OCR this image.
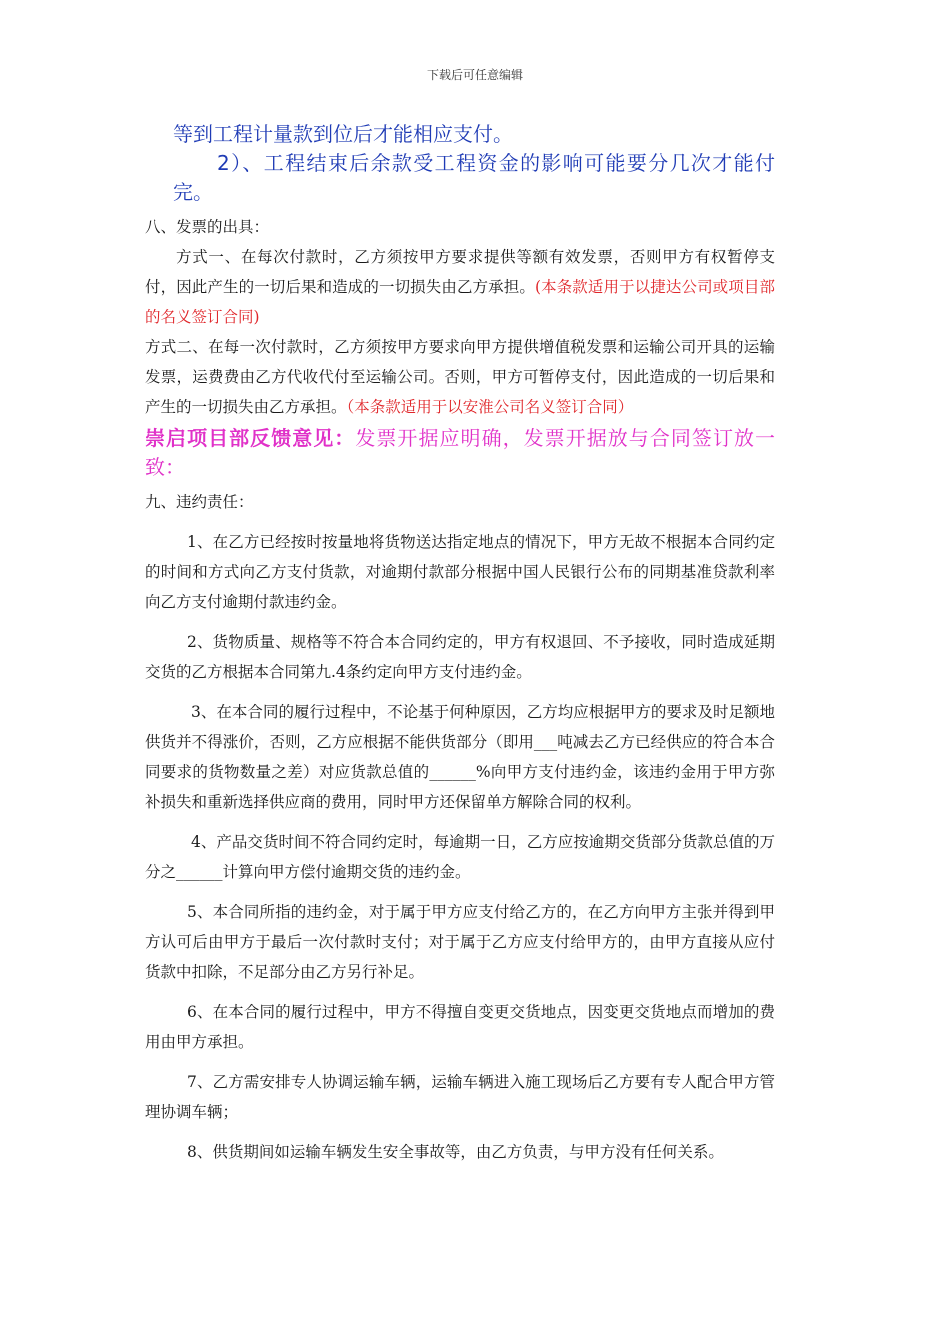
下载后可任意编辑

等到工程计量款到位后才能相应支付。

2）、工程结束后余款受工程资金的影响可能要分几次才能付完。

八、发票的出具：

方式一、在每次付款时，乙方须按甲方要求提供等额有效发票，否则甲方有权暂停支付，因此产生的一切后果和造成的一切损失由乙方承担。(本条款适用于以捷达公司或项目部的名义签订合同)

方式二、在每一次付款时，乙方须按甲方要求向甲方提供增值税发票和运输公司开具的运输发票，运费费由乙方代收代付至运输公司。否则，甲方可暂停支付，因此造成的一切后果和产生的一切损失由乙方承担。（本条款适用于以安淮公司名义签订合同）

崇启项目部反馈意见：发票开据应明确，发票开据放与合同签订放一致：

九、违约责任：

1、在乙方已经按时按量地将货物送达指定地点的情况下，甲方无故不根据本合同约定的时间和方式向乙方支付货款，对逾期付款部分根据中国人民银行公布的同期基准贷款利率向乙方支付逾期付款违约金。

2、货物质量、规格等不符合本合同约定的，甲方有权退回、不予接收，同时造成延期交货的乙方根据本合同第九.4条约定向甲方支付违约金。

3、在本合同的履行过程中，不论基于何种原因，乙方均应根据甲方的要求及时足额地供货并不得涨价，否则，乙方应根据不能供货部分（即用___吨减去乙方已经供应的符合本合同要求的货物数量之差）对应货款总值的______%向甲方支付违约金，该违约金用于甲方弥补损失和重新选择供应商的费用，同时甲方还保留单方解除合同的权利。

4、产品交货时间不符合同约定时，每逾期一日，乙方应按逾期交货部分货款总值的万分之______计算向甲方偿付逾期交货的违约金。

5、本合同所指的违约金，对于属于甲方应支付给乙方的，在乙方向甲方主张并得到甲方认可后由甲方于最后一次付款时支付；对于属于乙方应支付给甲方的，由甲方直接从应付货款中扣除，不足部分由乙方另行补足。

6、在本合同的履行过程中，甲方不得擅自变更交货地点，因变更交货地点而增加的费用由甲方承担。

7、乙方需安排专人协调运输车辆，运输车辆进入施工现场后乙方要有专人配合甲方管理协调车辆；

8、供货期间如运输车辆发生安全事故等，由乙方负责，与甲方没有任何关系。
